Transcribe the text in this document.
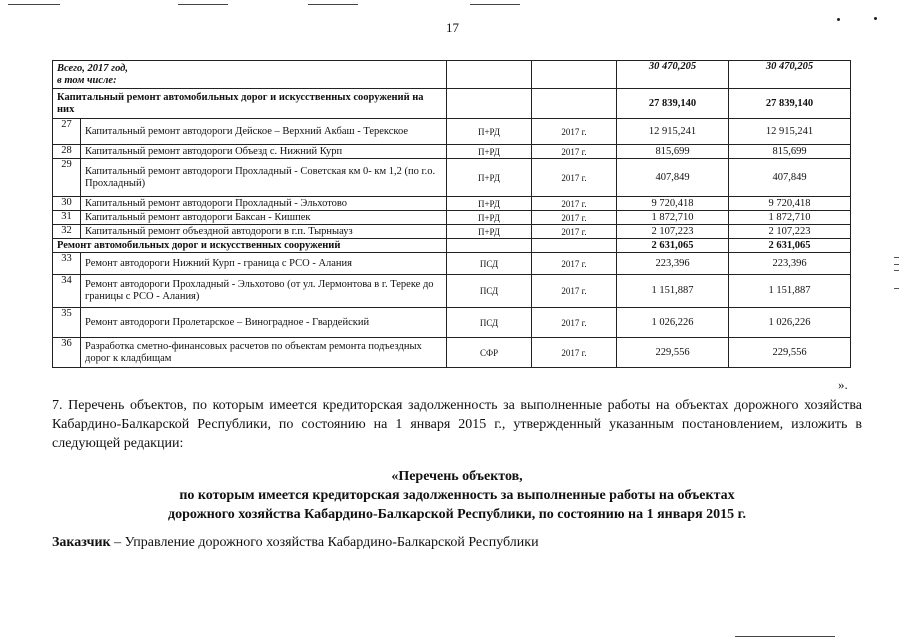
17
Всего, 2017 год,
в том числе:				30 470,205	30 470,205
Капитальный ремонт автомобильных дорог и искусственных сооружений на них				27 839,140	27 839,140
27	Капитальный ремонт автодороги Дейское – Верхний Акбаш - Терекское	П+РД	2017 г.	12 915,241	12 915,241
28	Капитальный ремонт автодороги Объезд с. Нижний Курп	П+РД	2017 г.	815,699	815,699
29	Капитальный ремонт автодороги Прохладный - Советская км 0- км 1,2 (по г.о. Прохладный)	П+РД	2017 г.	407,849	407,849
30	Капитальный ремонт автодороги Прохладный - Эльхотово	П+РД	2017 г.	9 720,418	9 720,418
31	Капитальный ремонт автодороги Баксан - Кишпек	П+РД	2017 г.	1 872,710	1 872,710
32	Капитальный ремонт объездной автодороги в г.п. Тырныауз	П+РД	2017 г.	2 107,223	2 107,223
Ремонт автомобильных дорог и искусственных сооружений				2 631,065	2 631,065
33	Ремонт автодороги Нижний Курп - граница с РСО - Алания	ПСД	2017 г.	223,396	223,396
34	Ремонт автодороги Прохладный - Эльхотово (от ул. Лермонтова в г. Тереке до границы с РСО - Алания)	ПСД	2017 г.	1 151,887	1 151,887
35	Ремонт автодороги Пролетарское – Виноградное - Гвардейский	ПСД	2017 г.	1 026,226	1 026,226
36	Разработка сметно-финансовых расчетов по объектам ремонта подъездных дорог к кладбищам	СФР	2017 г.	229,556	229,556
».

7. Перечень объектов, по которым имеется кредиторская задолженность за выполненные работы на объектах дорожного хозяйства Кабардино-Балкарской Республики, по состоянию на 1 января 2015 г., утвержденный указанным постановлением, изложить в следующей редакции:

«Перечень объектов,
по которым имеется кредиторская задолженность за выполненные работы на объектах
дорожного хозяйства Кабардино-Балкарской Республики, по состоянию на 1 января 2015 г.
Заказчик – Управление дорожного хозяйства Кабардино-Балкарской Республики
